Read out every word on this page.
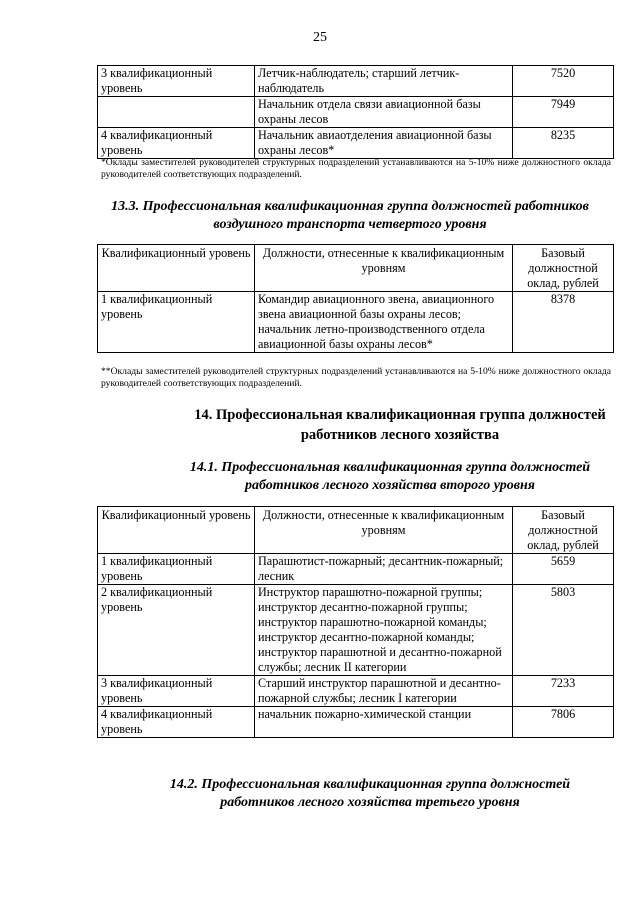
25
3 квалификационный уровень	Летчик-наблюдатель; старший летчик-наблюдатель	7520
	Начальник отдела связи авиационной базы охраны лесов	7949
4 квалификационный уровень	Начальник авиаотделения авиационной базы охраны лесов*	8235
*Оклады заместителей руководителей структурных подразделений устанавливаются на 5-10% ниже должностного оклада руководителей соответствующих подразделений.
13.3. Профессиональная квалификационная группа должностей работников
воздушного транспорта четвертого уровня
Квалификационный уровень	Должности, отнесенные к квалификационным уровням	Базовый должностной оклад, рублей
1 квалификационный уровень	Командир авиационного звена, авиационного звена авиационной базы охраны лесов; начальник летно-производственного отдела авиационной базы охраны лесов*	8378
**Оклады заместителей руководителей структурных подразделений устанавливаются на 5-10% ниже должностного оклада руководителей соответствующих подразделений.
14. Профессиональная квалификационная группа должностей
работников лесного хозяйства
14.1. Профессиональная квалификационная группа должностей
работников лесного хозяйства второго уровня
Квалификационный уровень	Должности, отнесенные к квалификационным уровням	Базовый должностной оклад, рублей
1 квалификационный уровень	Парашютист-пожарный; десантник-пожарный; лесник	5659
2 квалификационный уровень	Инструктор парашютно-пожарной группы; инструктор десантно-пожарной группы; инструктор парашютно-пожарной команды; инструктор десантно-пожарной команды; инструктор парашютной и десантно-пожарной службы; лесник II категории	5803
3 квалификационный уровень	Старший инструктор парашютной и десантно-пожарной службы; лесник I категории	7233
4 квалификационный уровень	начальник пожарно-химической станции	7806
14.2. Профессиональная квалификационная группа должностей
работников лесного хозяйства третьего уровня
